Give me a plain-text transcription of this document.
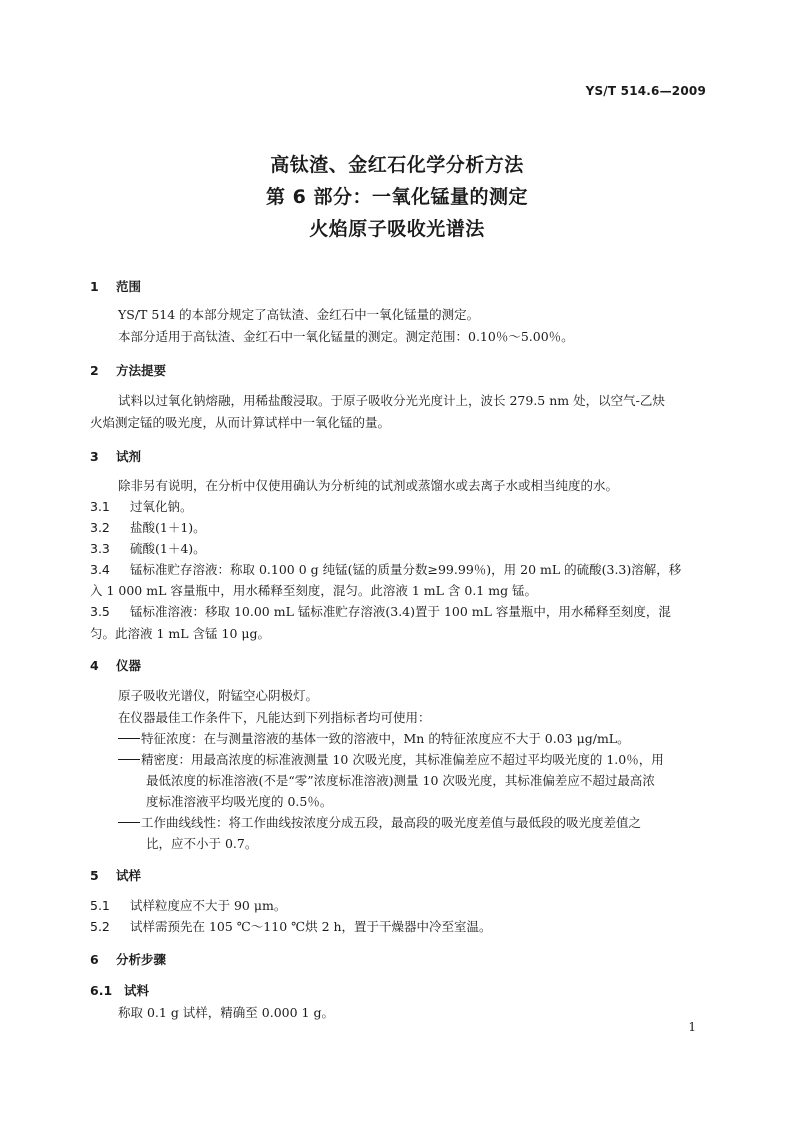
YS/T 514.6—2009
高钛渣、金红石化学分析方法
第 6 部分：一氧化锰量的测定
火焰原子吸收光谱法
1 范围
YS/T 514 的本部分规定了高钛渣、金红石中一氧化锰量的测定。
本部分适用于高钛渣、金红石中一氧化锰量的测定。测定范围：0.10％～5.00％。
2 方法提要
试料以过氧化钠熔融，用稀盐酸浸取。于原子吸收分光光度计上，波长 279.5 nm 处，以空气-乙炔
火焰测定锰的吸光度，从而计算试样中一氧化锰的量。
3 试剂
除非另有说明，在分析中仅使用确认为分析纯的试剂或蒸馏水或去离子水或相当纯度的水。
3.1 过氧化钠。
3.2 盐酸(1＋1)。
3.3 硫酸(1＋4)。
3.4 锰标准贮存溶液：称取 0.100 0 g 纯锰(锰的质量分数≥99.99％)，用 20 mL 的硫酸(3.3)溶解，移
入 1 000 mL 容量瓶中，用水稀释至刻度，混匀。此溶液 1 mL 含 0.1 mg 锰。
3.5 锰标准溶液：移取 10.00 mL 锰标准贮存溶液(3.4)置于 100 mL 容量瓶中，用水稀释至刻度，混
匀。此溶液 1 mL 含锰 10 μg。
4 仪器
原子吸收光谱仪，附锰空心阴极灯。
在仪器最佳工作条件下，凡能达到下列指标者均可使用：
特征浓度：在与测量溶液的基体一致的溶液中，Mn 的特征浓度应不大于 0.03 μg/mL。
精密度：用最高浓度的标准液测量 10 次吸光度，其标准偏差应不超过平均吸光度的 1.0％，用
最低浓度的标准溶液(不是“零”浓度标准溶液)测量 10 次吸光度，其标准偏差应不超过最高浓
度标准溶液平均吸光度的 0.5％。
工作曲线线性：将工作曲线按浓度分成五段，最高段的吸光度差值与最低段的吸光度差值之
比，应不小于 0.7。
5 试样
5.1 试样粒度应不大于 90 μm。
5.2 试样需预先在 105 ℃～110 ℃烘 2 h，置于干燥器中冷至室温。
6 分析步骤
6.1 试料
称取 0.1 g 试样，精确至 0.000 1 g。
1
